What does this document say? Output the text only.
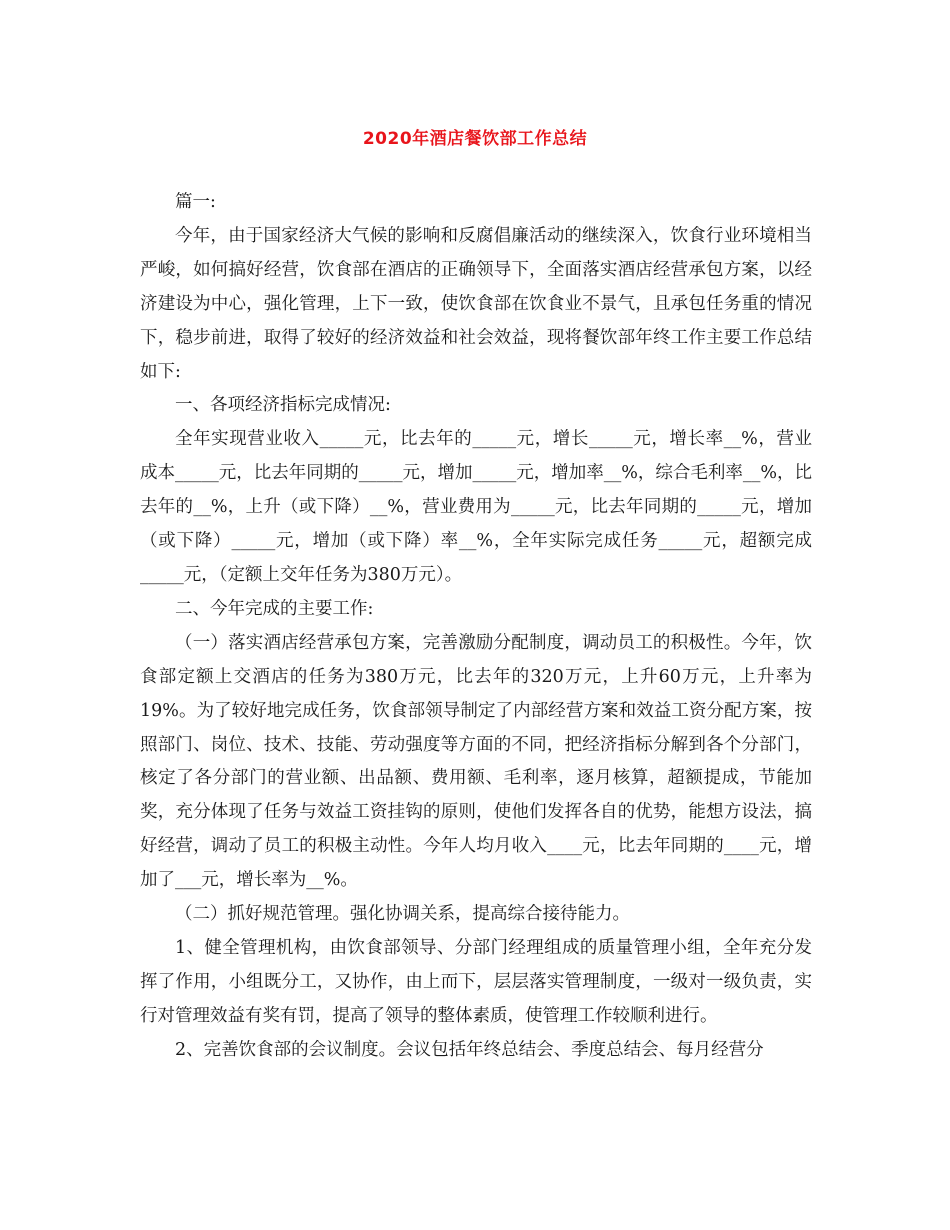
2020年酒店餐饮部工作总结

篇一:

今年，由于国家经济大气候的影响和反腐倡廉活动的继续深入，饮食行业环境相当严峻，如何搞好经营，饮食部在酒店的正确领导下，全面落实酒店经营承包方案，以经济建设为中心，强化管理，上下一致，使饮食部在饮食业不景气，且承包任务重的情况下，稳步前进，取得了较好的经济效益和社会效益，现将餐饮部年终工作主要工作总结如下:

一、各项经济指标完成情况:

全年实现营业收入_____元，比去年的_____元，增长_____元，增长率__%，营业成本_____元，比去年同期的_____元，增加_____元，增加率__%，综合毛利率__%，比去年的__%，上升（或下降）__%，营业费用为_____元，比去年同期的_____元，增加（或下降）_____元，增加（或下降）率__%，全年实际完成任务_____元，超额完成_____元，（定额上交年任务为380万元）。

二、今年完成的主要工作:

（一）落实酒店经营承包方案，完善激励分配制度，调动员工的积极性。今年，饮食部定额上交酒店的任务为380万元，比去年的320万元，上升60万元，上升率为19%。为了较好地完成任务，饮食部领导制定了内部经营方案和效益工资分配方案，按照部门、岗位、技术、技能、劳动强度等方面的不同，把经济指标分解到各个分部门，核定了各分部门的营业额、出品额、费用额、毛利率，逐月核算，超额提成，节能加奖，充分体现了任务与效益工资挂钩的原则，使他们发挥各自的优势，能想方设法，搞好经营，调动了员工的积极主动性。今年人均月收入____元，比去年同期的____元，增加了___元，增长率为__%。

（二）抓好规范管理。强化协调关系，提高综合接待能力。

1、健全管理机构，由饮食部领导、分部门经理组成的质量管理小组，全年充分发挥了作用，小组既分工，又协作，由上而下，层层落实管理制度，一级对一级负责，实行对管理效益有奖有罚，提高了领导的整体素质，使管理工作较顺利进行。

2、完善饮食部的会议制度。会议包括年终总结会、季度总结会、每月经营分
